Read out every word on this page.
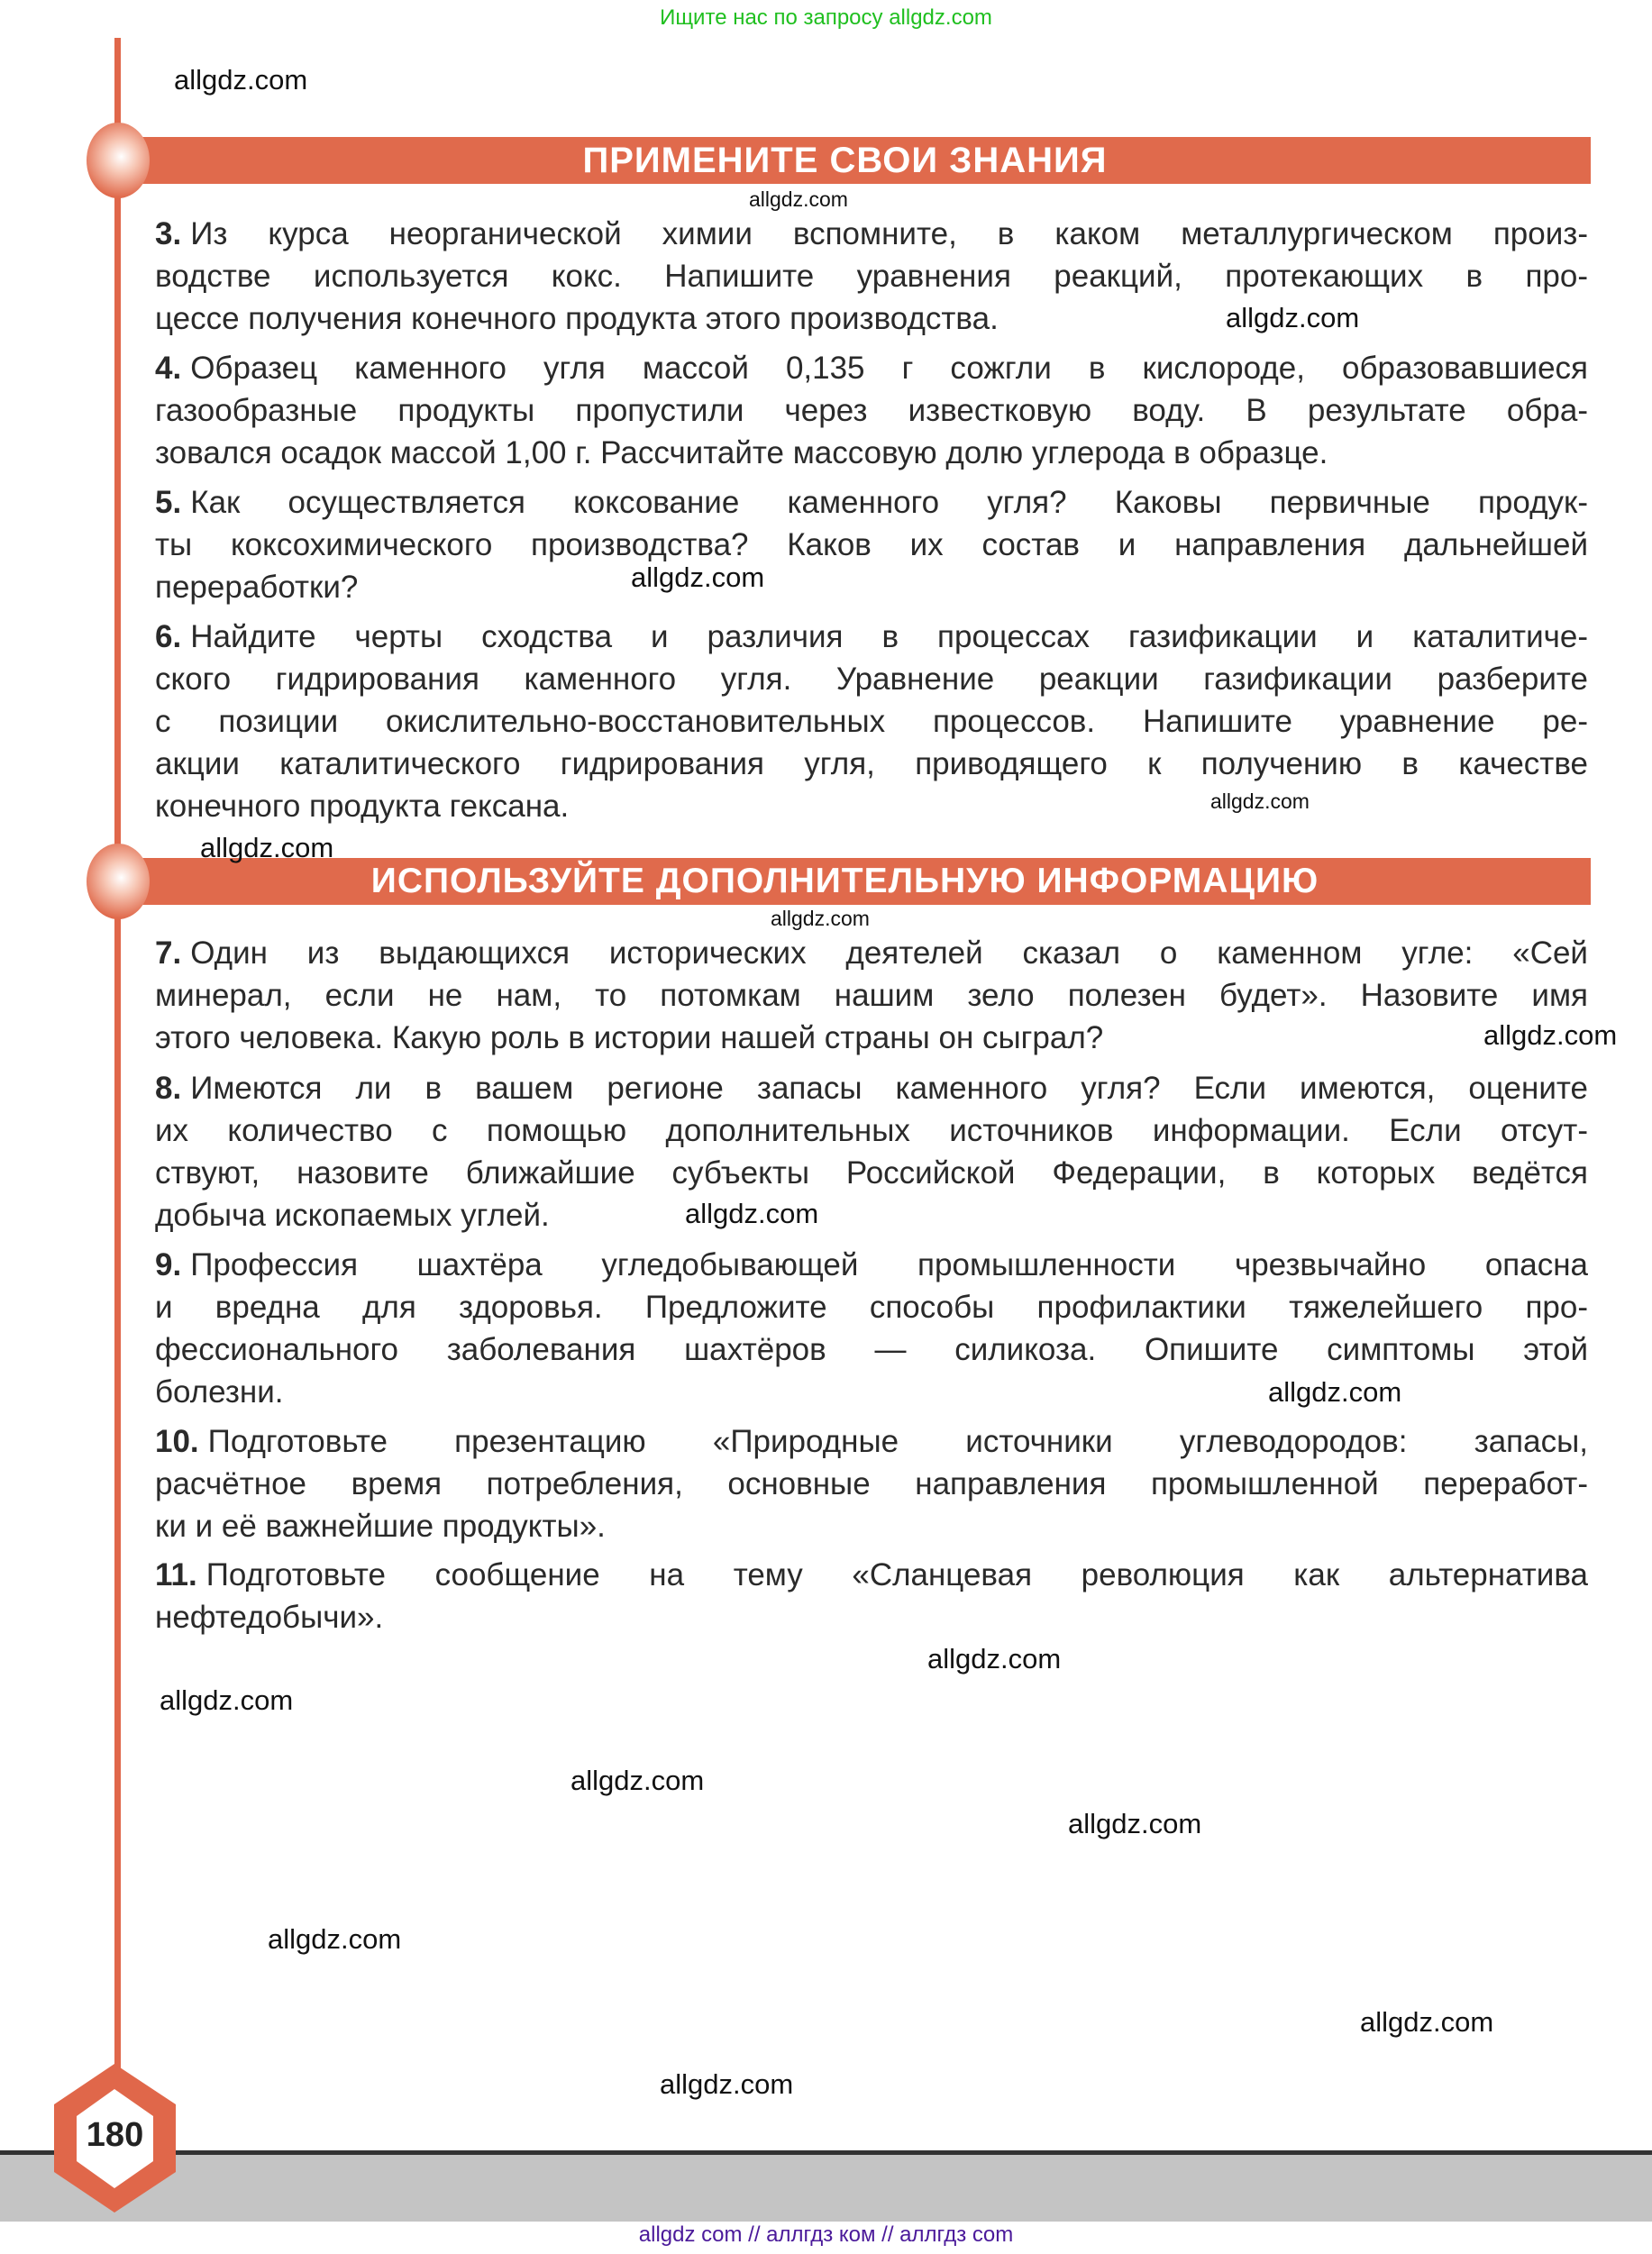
Ищите нас по запросу allgdz.com
ПРИМЕНИТЕ СВОИ ЗНАНИЯ
ИСПОЛЬЗУЙТЕ ДОПОЛНИТЕЛЬНУЮ ИНФОРМАЦИЮ
3. Из курса неорганической химии вспомните, в каком металлургическом произ-
водстве используется кокс. Напишите уравнения реакций, протекающих в про-
цессе получения конечного продукта этого производства.
4. Образец каменного угля массой 0,135 г сожгли в кислороде, образовавшиеся
газообразные продукты пропустили через известковую воду. В результате обра-
зовался осадок массой 1,00 г. Рассчитайте массовую долю углерода в образце.
5. Как осуществляется коксование каменного угля? Каковы первичные продук-
ты коксохимического производства? Каков их состав и направления дальнейшей
переработки?
6. Найдите черты сходства и различия в процессах газификации и каталитиче-
ского гидрирования каменного угля. Уравнение реакции газификации разберите
с позиции окислительно-восстановительных процессов. Напишите уравнение ре-
акции каталитического гидрирования угля, приводящего к получению в качестве
конечного продукта гексана.
7. Один из выдающихся исторических деятелей сказал о каменном угле: «Сей
минерал, если не нам, то потомкам нашим зело полезен будет». Назовите имя
этого человека. Какую роль в истории нашей страны он сыграл?
8. Имеются ли в вашем регионе запасы каменного угля? Если имеются, оцените
их количество с помощью дополнительных источников информации. Если отсут-
ствуют, назовите ближайшие субъекты Российской Федерации, в которых ведётся
добыча ископаемых углей.
9. Профессия шахтёра угледобывающей промышленности чрезвычайно опасна
и вредна для здоровья. Предложите способы профилактики тяжелейшего про-
фессионального заболевания шахтёров — силикоза. Опишите симптомы этой
болезни.
10. Подготовьте презентацию «Природные источники углеводородов: запасы,
расчётное время потребления, основные направления промышленной переработ-
ки и её важнейшие продукты».
11. Подготовьте сообщение на тему «Сланцевая революция как альтернатива
нефтедобычи».
180
allgdz com // аллгдз ком // аллгдз com
allgdz.com
allgdz.com
allgdz.com
allgdz.com
allgdz.com
allgdz.com
allgdz.com
allgdz.com
allgdz.com
allgdz.com
allgdz.com
allgdz.com
allgdz.com
allgdz.com
allgdz.com
allgdz.com
allgdz.com
